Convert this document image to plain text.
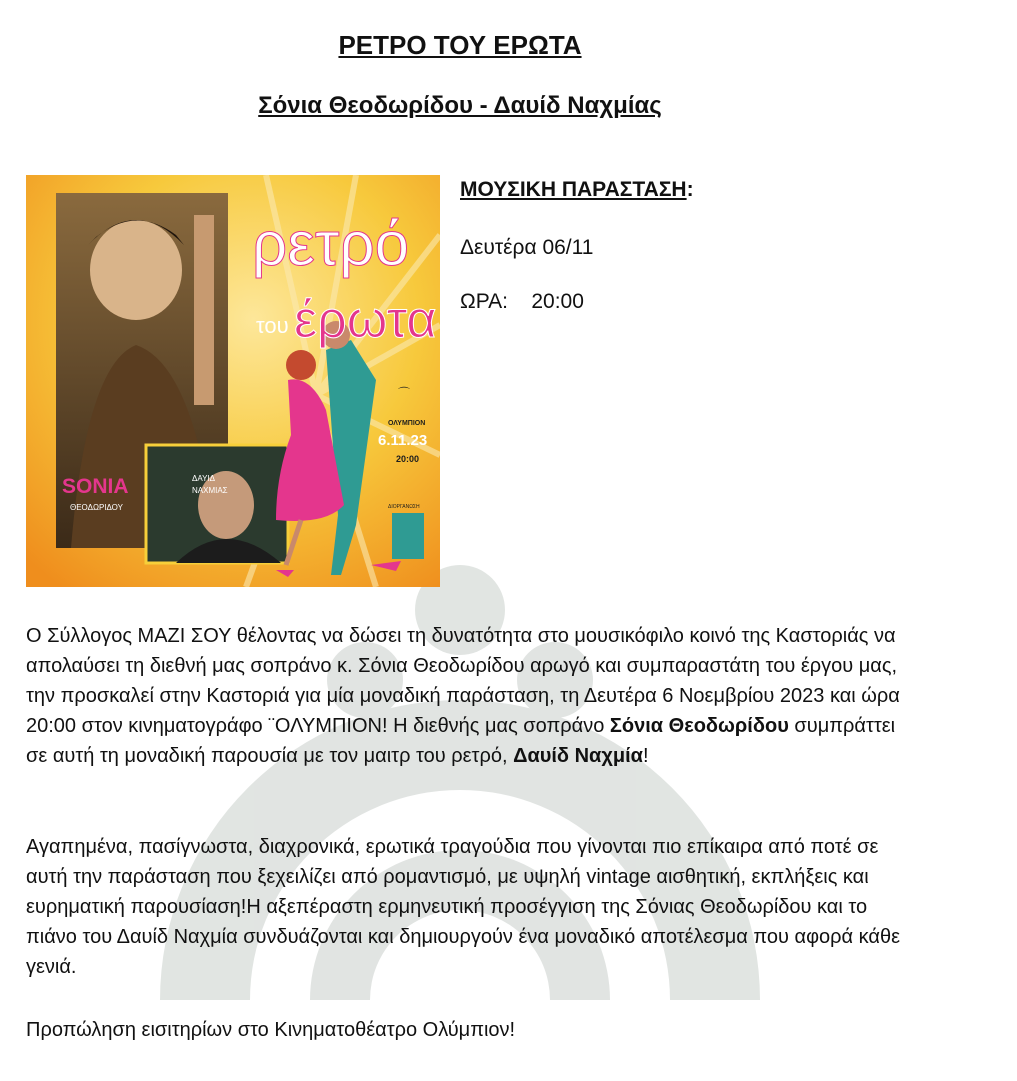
ΡΕΤΡΟ ΤΟΥ ΕΡΩΤΑ
Σόνια Θεοδωρίδου - Δαυίδ Ναχμίας
ρετρό
του έρωτα
SONIA
ΘΕΟΔΩΡΙΔΟΥ
ΔΑΥΙΔ
ΝΑΧΜΙΑΣ
⌒
ΟΛΥΜΠΙΟΝ
6.11.23
20:00
ΔΙΟΡΓΑΝΩΣΗ
ΜΟΥΣΙΚΗ ΠΑΡΑΣΤΑΣΗ:
Δευτέρα 06/11
ΩΡΑ: 20:00
Ο Σύλλογος ΜΑΖΙ ΣΟΥ θέλοντας να δώσει τη δυνατότητα στο μουσικόφιλο κοινό της Καστοριάς να απολαύσει τη διεθνή μας σοπράνο κ. Σόνια Θεοδωρίδου αρωγό και συμπαραστάτη του έργου μας, την προσκαλεί στην Καστοριά για μία μοναδική παράσταση, τη Δευτέρα 6 Νοεμβρίου 2023 και ώρα 20:00 στον κινηματογράφο ¨ΟΛΥΜΠΙΟΝ! Η διεθνής μας σοπράνο Σόνια Θεοδωρίδου συμπράττει σε αυτή τη μοναδική παρουσία με τον μαιτρ του ρετρό, Δαυίδ Ναχμία!
Αγαπημένα, πασίγνωστα, διαχρονικά, ερωτικά τραγούδια που γίνονται πιο επίκαιρα από ποτέ σε αυτή την παράσταση που ξεχειλίζει από ρομαντισμό, με υψηλή vintage αισθητική, εκπλήξεις και ευρηματική παρουσίαση!Η αξεπέραστη ερμηνευτική προσέγγιση της Σόνιας Θεοδωρίδου και το πιάνο του Δαυίδ Ναχμία συνδυάζονται και δημιουργούν ένα μοναδικό αποτέλεσμα που αφορά κάθε γενιά.
Προπώληση εισιτηρίων στο Κινηματοθέατρο Ολύμπιον!
